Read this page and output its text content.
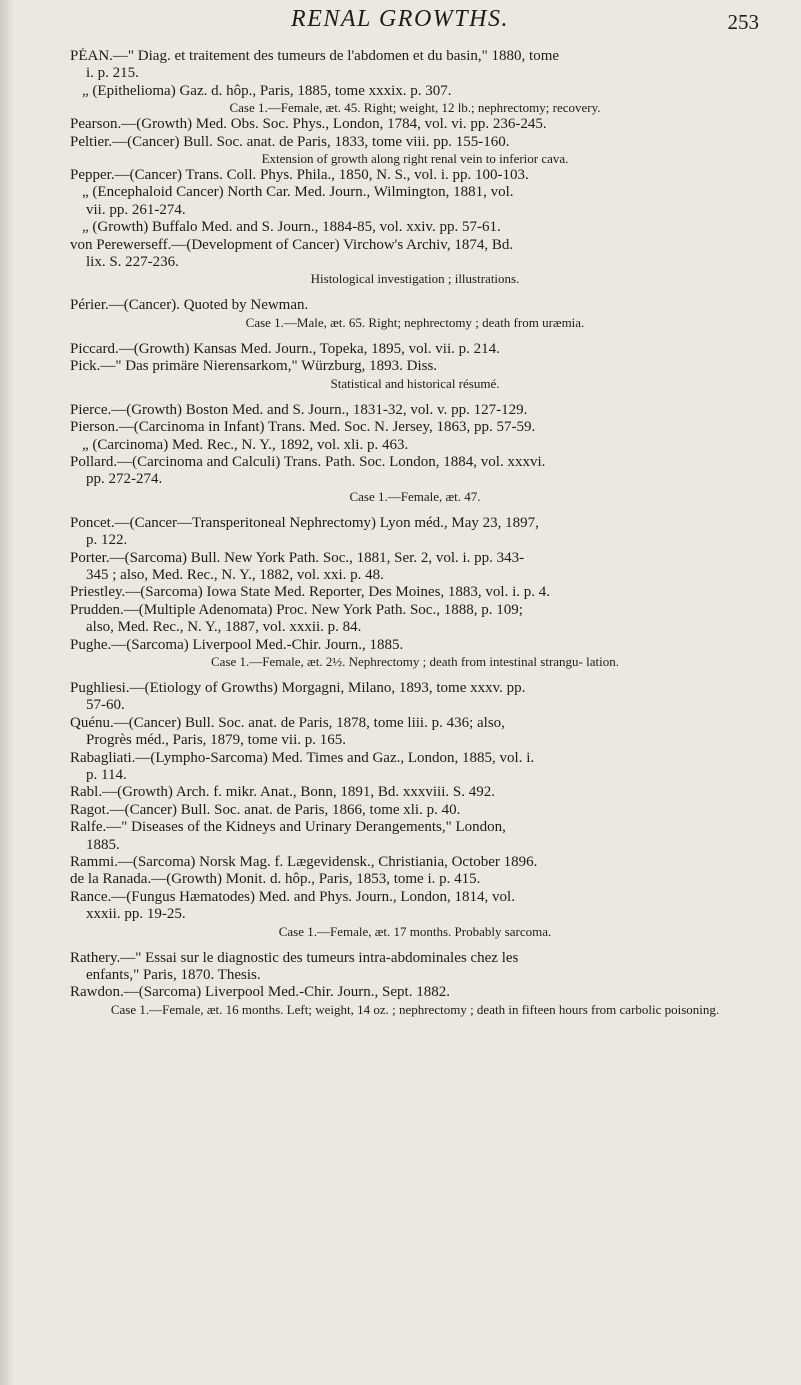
RENAL GROWTHS.	253
PÉAN.—" Diag. et traitement des tumeurs de l'abdomen et du basin," 1880, tome
i. p. 215.
„ (Epithelioma) Gaz. d. hôp., Paris, 1885, tome xxxix. p. 307.
Case 1.—Female, æt. 45. Right; weight, 12 lb.; nephrectomy; recovery.
Pearson.—(Growth) Med. Obs. Soc. Phys., London, 1784, vol. vi. pp. 236-245.
Peltier.—(Cancer) Bull. Soc. anat. de Paris, 1833, tome viii. pp. 155-160.
Extension of growth along right renal vein to inferior cava.
Pepper.—(Cancer) Trans. Coll. Phys. Phila., 1850, N. S., vol. i. pp. 100-103.
„ (Encephaloid Cancer) North Car. Med. Journ., Wilmington, 1881, vol.
vii. pp. 261-274.
„ (Growth) Buffalo Med. and S. Journ., 1884-85, vol. xxiv. pp. 57-61.
von Perewerseff.—(Development of Cancer) Virchow's Archiv, 1874, Bd.
lix. S. 227-236.
Histological investigation ; illustrations.
Périer.—(Cancer). Quoted by Newman.
Case 1.—Male, æt. 65. Right; nephrectomy ; death from uræmia.
Piccard.—(Growth) Kansas Med. Journ., Topeka, 1895, vol. vii. p. 214.
Pick.—" Das primäre Nierensarkom," Würzburg, 1893. Diss.
Statistical and historical résumé.
Pierce.—(Growth) Boston Med. and S. Journ., 1831-32, vol. v. pp. 127-129.
Pierson.—(Carcinoma in Infant) Trans. Med. Soc. N. Jersey, 1863, pp. 57-59.
„ (Carcinoma) Med. Rec., N. Y., 1892, vol. xli. p. 463.
Pollard.—(Carcinoma and Calculi) Trans. Path. Soc. London, 1884, vol. xxxvi.
pp. 272-274.
Case 1.—Female, æt. 47.
Poncet.—(Cancer—Transperitoneal Nephrectomy) Lyon méd., May 23, 1897,
p. 122.
Porter.—(Sarcoma) Bull. New York Path. Soc., 1881, Ser. 2, vol. i. pp. 343-
345 ; also, Med. Rec., N. Y., 1882, vol. xxi. p. 48.
Priestley.—(Sarcoma) Iowa State Med. Reporter, Des Moines, 1883, vol. i. p. 4.
Prudden.—(Multiple Adenomata) Proc. New York Path. Soc., 1888, p. 109;
also, Med. Rec., N. Y., 1887, vol. xxxii. p. 84.
Pughe.—(Sarcoma) Liverpool Med.-Chir. Journ., 1885.
Case 1.—Female, æt. 2½. Nephrectomy ; death from intestinal strangu- lation.
Pughliesi.—(Etiology of Growths) Morgagni, Milano, 1893, tome xxxv. pp.
57-60.
Quénu.—(Cancer) Bull. Soc. anat. de Paris, 1878, tome liii. p. 436; also,
Progrès méd., Paris, 1879, tome vii. p. 165.
Rabagliati.—(Lympho-Sarcoma) Med. Times and Gaz., London, 1885, vol. i.
p. 114.
Rabl.—(Growth) Arch. f. mikr. Anat., Bonn, 1891, Bd. xxxviii. S. 492.
Ragot.—(Cancer) Bull. Soc. anat. de Paris, 1866, tome xli. p. 40.
Ralfe.—" Diseases of the Kidneys and Urinary Derangements," London,
1885.
Rammi.—(Sarcoma) Norsk Mag. f. Lægevidensk., Christiania, October 1896.
de la Ranada.—(Growth) Monit. d. hôp., Paris, 1853, tome i. p. 415.
Rance.—(Fungus Hæmatodes) Med. and Phys. Journ., London, 1814, vol.
xxxii. pp. 19-25.
Case 1.—Female, æt. 17 months. Probably sarcoma.
Rathery.—" Essai sur le diagnostic des tumeurs intra-abdominales chez les
enfants," Paris, 1870. Thesis.
Rawdon.—(Sarcoma) Liverpool Med.-Chir. Journ., Sept. 1882.
Case 1.—Female, æt. 16 months. Left; weight, 14 oz. ; nephrectomy ; death in fifteen hours from carbolic poisoning.
